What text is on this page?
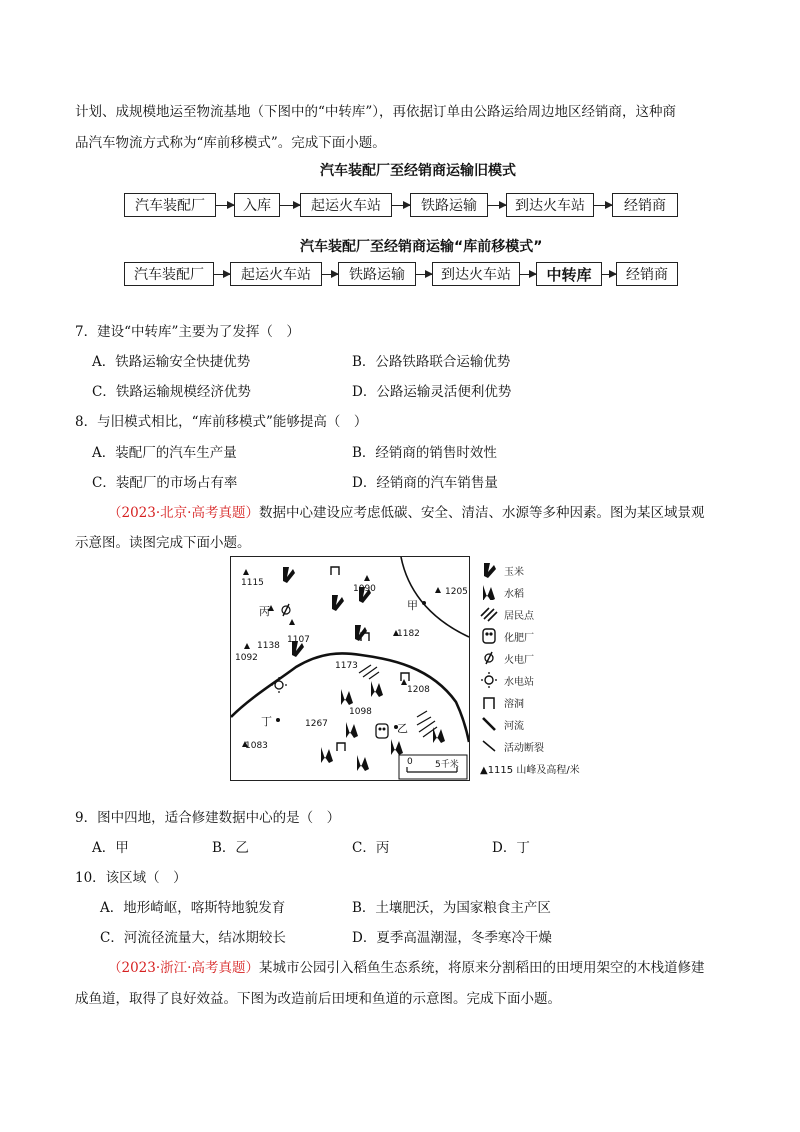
计划、成规模地运至物流基地（下图中的“中转库”），再依据订单由公路运给周边地区经销商，这种商
品汽车物流方式称为“库前移模式”。完成下面小题。
汽车装配厂至经销商运输旧模式
汽车装配厂	入库	起运火车站	铁路运输	到达火车站	经销商
汽车装配厂至经销商运输“库前移模式”
汽车装配厂	起运火车站	铁路运输	到达火车站	中转库	经销商
7．建设“中转库”主要为了发挥（　）
A．铁路运输安全快捷优势	B．公路铁路联合运输优势
C．铁路运输规模经济优势	D．公路运输灵活便利优势
8．与旧模式相比，“库前移模式”能够提高（　）
A．装配厂的汽车生产量	B．经销商的销售时效性
C．装配厂的市场占有率	D．经销商的汽车销售量
（2023·北京·高考真题）数据中心建设应考虑低碳、安全、清洁、水源等多种因素。图为某区域景观
示意图。读图完成下面小题。
1115
1090	1205
1182
1138
1107
1092
1173
1208
1098
1267
1083
甲
乙
丙
丁
0 5千米
玉米
水稻
居民点
化肥厂
火电厂
水电站
溶洞
河流
活动断裂
▲1115 山峰及高程/米
9．图中四地，适合修建数据中心的是（　）
A．甲	B．乙	C．丙	D．丁
10．该区域（　）
A．地形崎岖，喀斯特地貌发育	B．土壤肥沃，为国家粮食主产区
C．河流径流量大，结冰期较长	D．夏季高温潮湿，冬季寒冷干燥
（2023·浙江·高考真题）某城市公园引入稻鱼生态系统，将原来分割稻田的田埂用架空的木栈道修建
成鱼道，取得了良好效益。下图为改造前后田埂和鱼道的示意图。完成下面小题。
